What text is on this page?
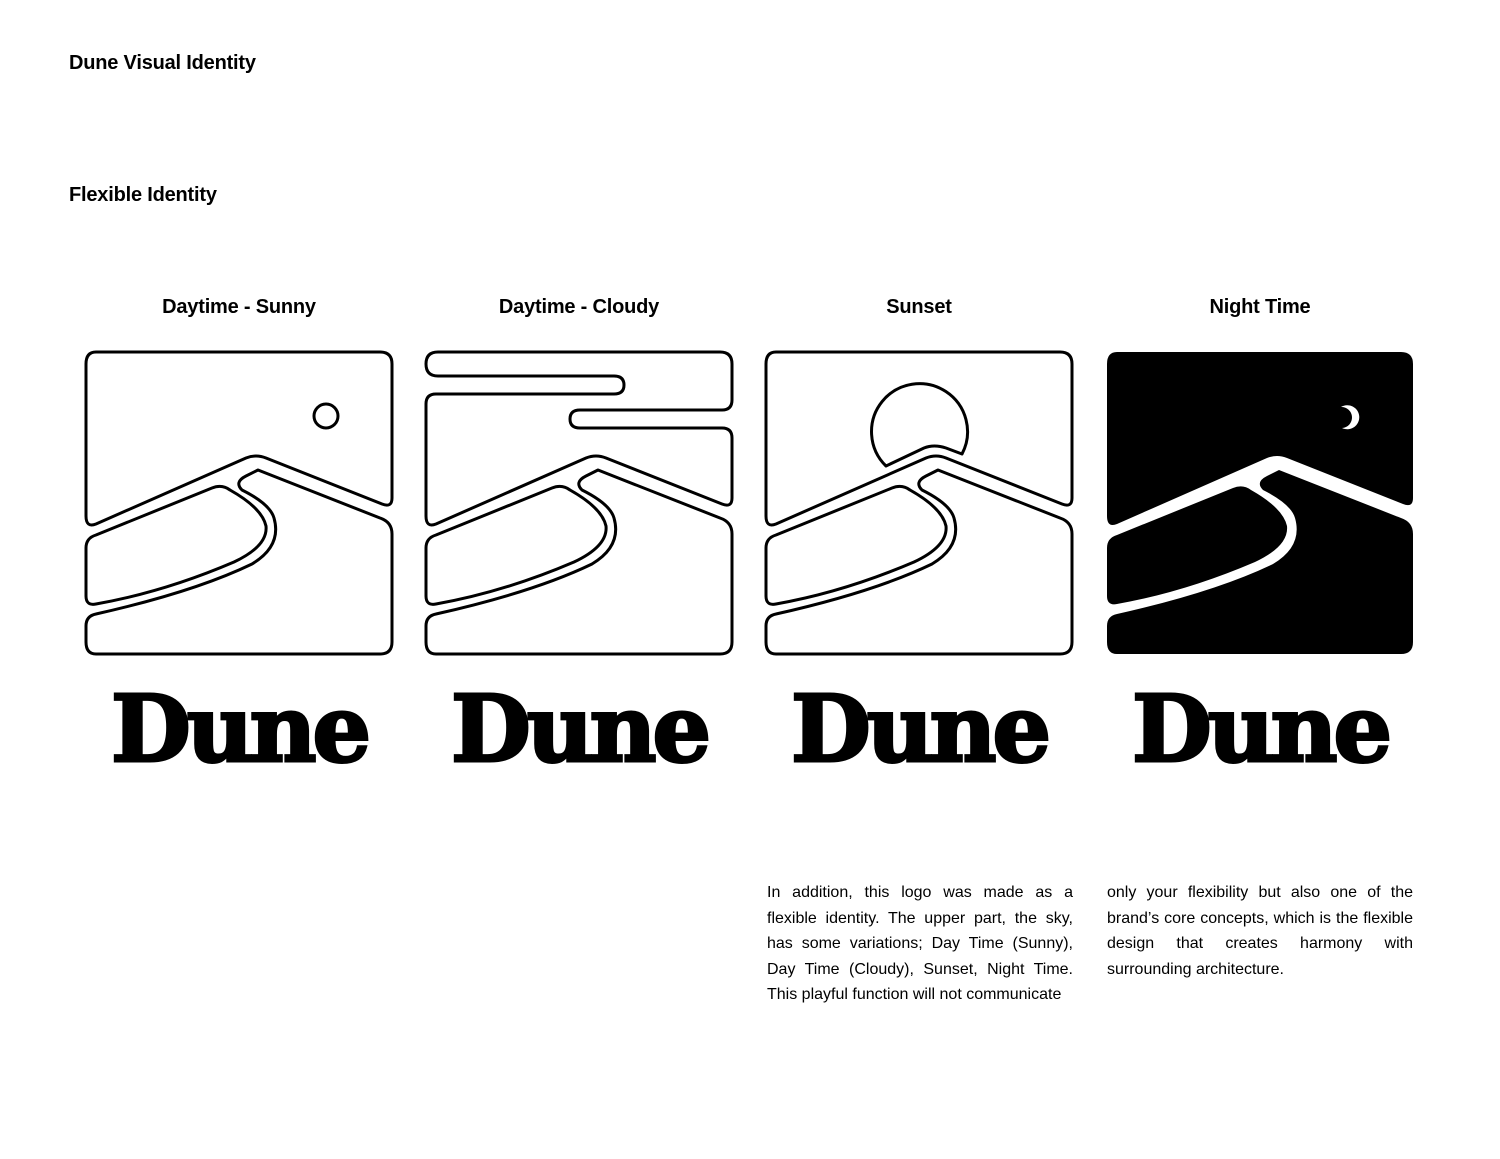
Dune Visual Identity
Flexible Identity
Daytime - Sunny
Dune
Daytime - Cloudy
Dune
Sunset
Dune
Night Time
Dune

In addition, this logo was made as a flexible identity. The upper part, the sky, has some variations; Day Time (Sunny), Day Time (Cloudy), Sunset, Night Time. This playful function will not communicate

only your flexibility but also one of the brand’s core concepts, which is the flexible design that creates harmony with surrounding architecture.
